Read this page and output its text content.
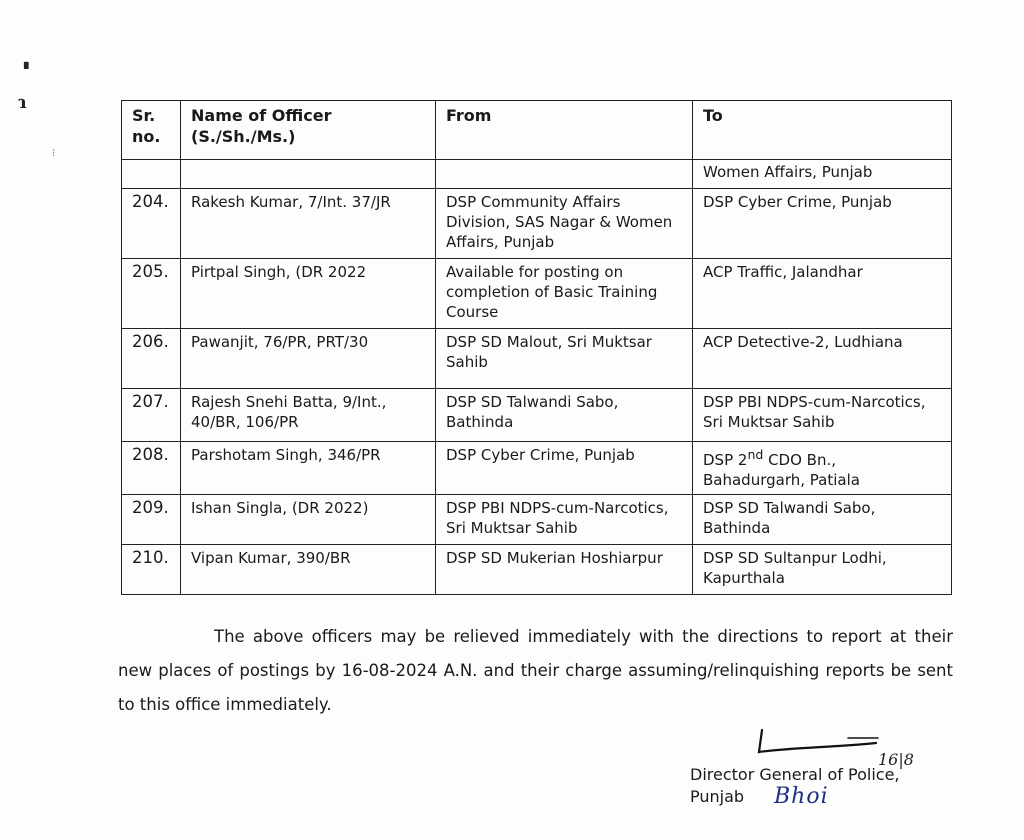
▘
ɿ
⁝
Sr. no.	Name of Officer (S./Sh./Ms.)	From	To
			Women Affairs, Punjab
204.	Rakesh Kumar, 7/Int. 37/JR	DSP Community Affairs Division, SAS Nagar & Women Affairs, Punjab	DSP Cyber Crime, Punjab
205.	Pirtpal Singh, (DR 2022	Available for posting on completion of Basic Training Course	ACP Traffic, Jalandhar
206.	Pawanjit, 76/PR, PRT/30	DSP SD Malout, Sri Muktsar Sahib	ACP Detective-2, Ludhiana
207.	Rajesh Snehi Batta, 9/Int., 40/BR, 106/PR	DSP SD Talwandi Sabo, Bathinda	DSP PBI NDPS-cum-Narcotics, Sri Muktsar Sahib
208.	Parshotam Singh, 346/PR	DSP Cyber Crime, Punjab	DSP 2nd CDO Bn., Bahadurgarh, Patiala
209.	Ishan Singla, (DR 2022)	DSP PBI NDPS-cum-Narcotics, Sri Muktsar Sahib	DSP SD Talwandi Sabo, Bathinda
210.	Vipan Kumar, 390/BR	DSP SD Mukerian Hoshiarpur	DSP SD Sultanpur Lodhi, Kapurthala

The above officers may be relieved immediately with the directions to report at their new places of postings by 16-08-2024 A.N. and their charge assuming/relinquishing reports be sent to this office immediately.

16|8
Director General of Police,
Punjab	Bhoi
